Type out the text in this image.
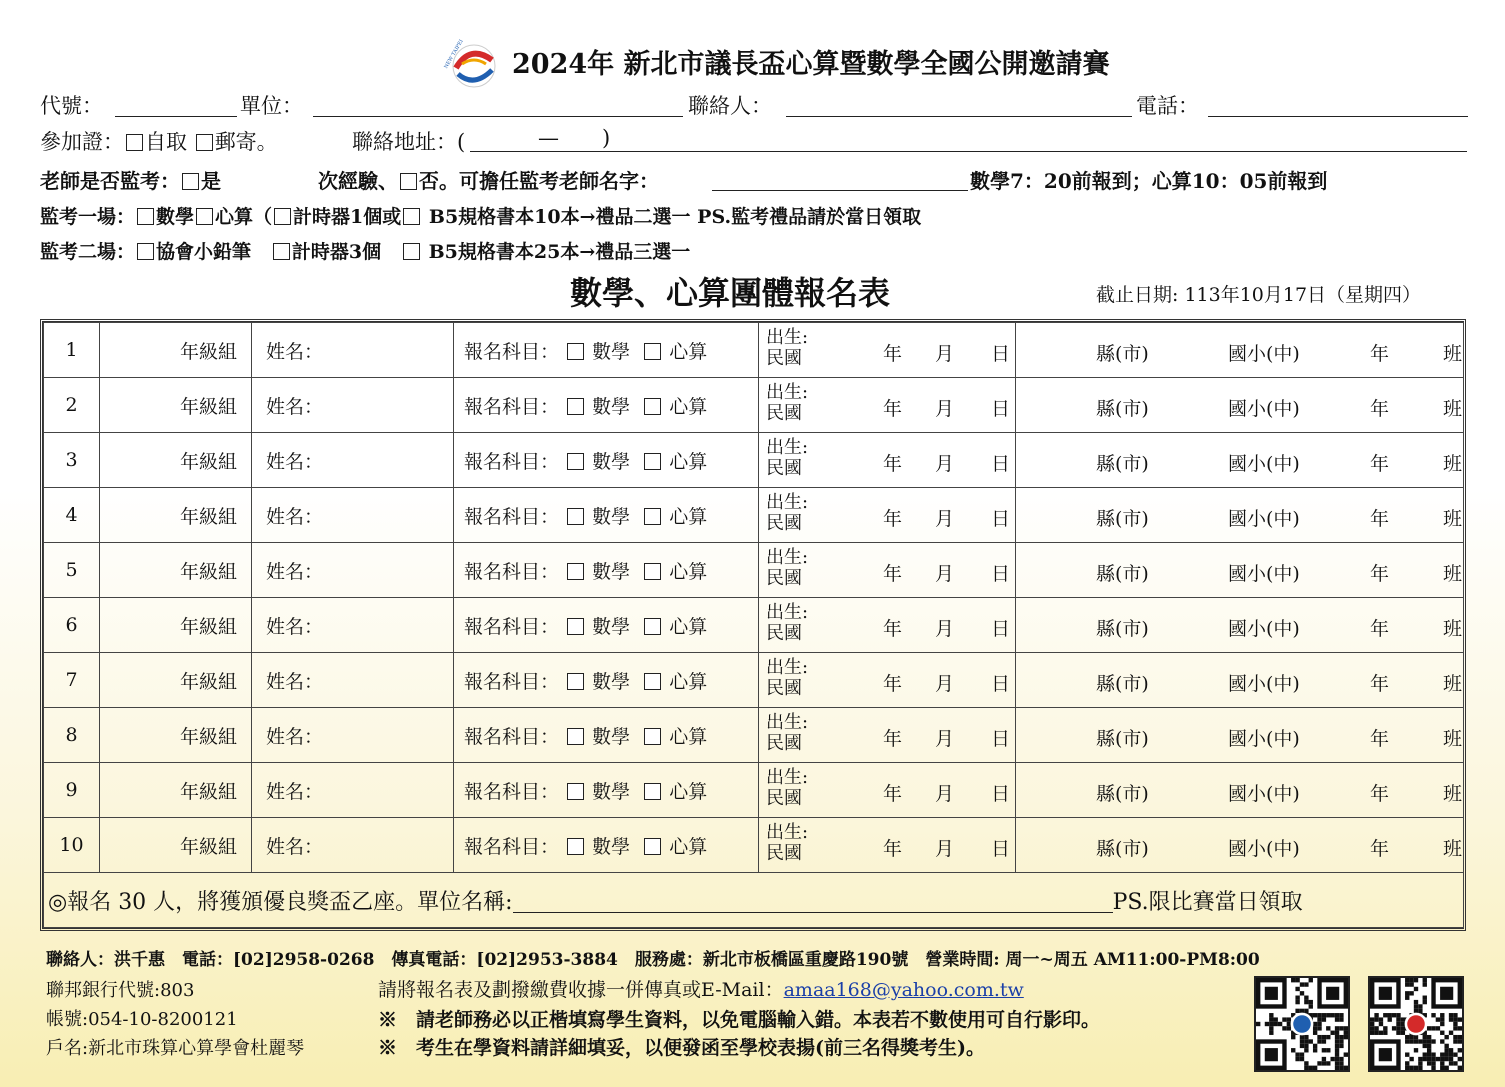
NEW TAIPEI 2024年 新北市議長盃心算暨數學全國公開邀請賽
代號：	單位：	聯絡人：	電話：
參加證： 自取 郵寄。	聯絡地址：(	— )
老師是否監考： 是	次經驗、 否。可擔任監考老師名字：	數學7：20前報到；心算10：05前報到
監考一場： 數學 心算（ 計時器1個或 B5規格書本10本→禮品二選一 PS.監考禮品請於當日領取
監考二場： 協會小鉛筆 計時器3個 B5規格書本25本→禮品三選一
數學、心算團體報名表	截止日期: 113年10月17日（星期四）
1	年級組	姓名：	報名科目： 數學 心算	出生:
民國 年 月 日	縣(市) 國小(中) 年 班

2	年級組	姓名：	報名科目： 數學 心算	出生:
民國 年 月 日	縣(市) 國小(中) 年 班

3	年級組	姓名：	報名科目： 數學 心算	出生:
民國 年 月 日	縣(市) 國小(中) 年 班

4	年級組	姓名：	報名科目： 數學 心算	出生:
民國 年 月 日	縣(市) 國小(中) 年 班

5	年級組	姓名：	報名科目： 數學 心算	出生:
民國 年 月 日	縣(市) 國小(中) 年 班

6	年級組	姓名：	報名科目： 數學 心算	出生:
民國 年 月 日	縣(市) 國小(中) 年 班

7	年級組	姓名：	報名科目： 數學 心算	出生:
民國 年 月 日	縣(市) 國小(中) 年 班

8	年級組	姓名：	報名科目： 數學 心算	出生:
民國 年 月 日	縣(市) 國小(中) 年 班

9	年級組	姓名：	報名科目： 數學 心算	出生:
民國 年 月 日	縣(市) 國小(中) 年 班

10	年級組	姓名：	報名科目： 數學 心算	出生:
民國 年 月 日	縣(市) 國小(中) 年 班

◎報名 30 人，將獲頒優良獎盃乙座。單位名稱: PS.限比賽當日領取					
聯絡人：洪千惠　電話：[02]2958-0268　傳真電話：[02]2953-3884　服務處：新北市板橋區重慶路190號　營業時間: 周一~周五 AM11:00-PM8:00
聯邦銀行代號:803
帳號:054-10-8200121
戶名:新北市珠算心算學會杜麗琴
請將報名表及劃撥繳費收據一併傳真或E-Mail：amaa168@yahoo.com.tw
※　請老師務必以正楷填寫學生資料，以免電腦輸入錯。本表若不數使用可自行影印。
※　考生在學資料請詳細填妥，以便發函至學校表揚(前三名得獎考生)。
